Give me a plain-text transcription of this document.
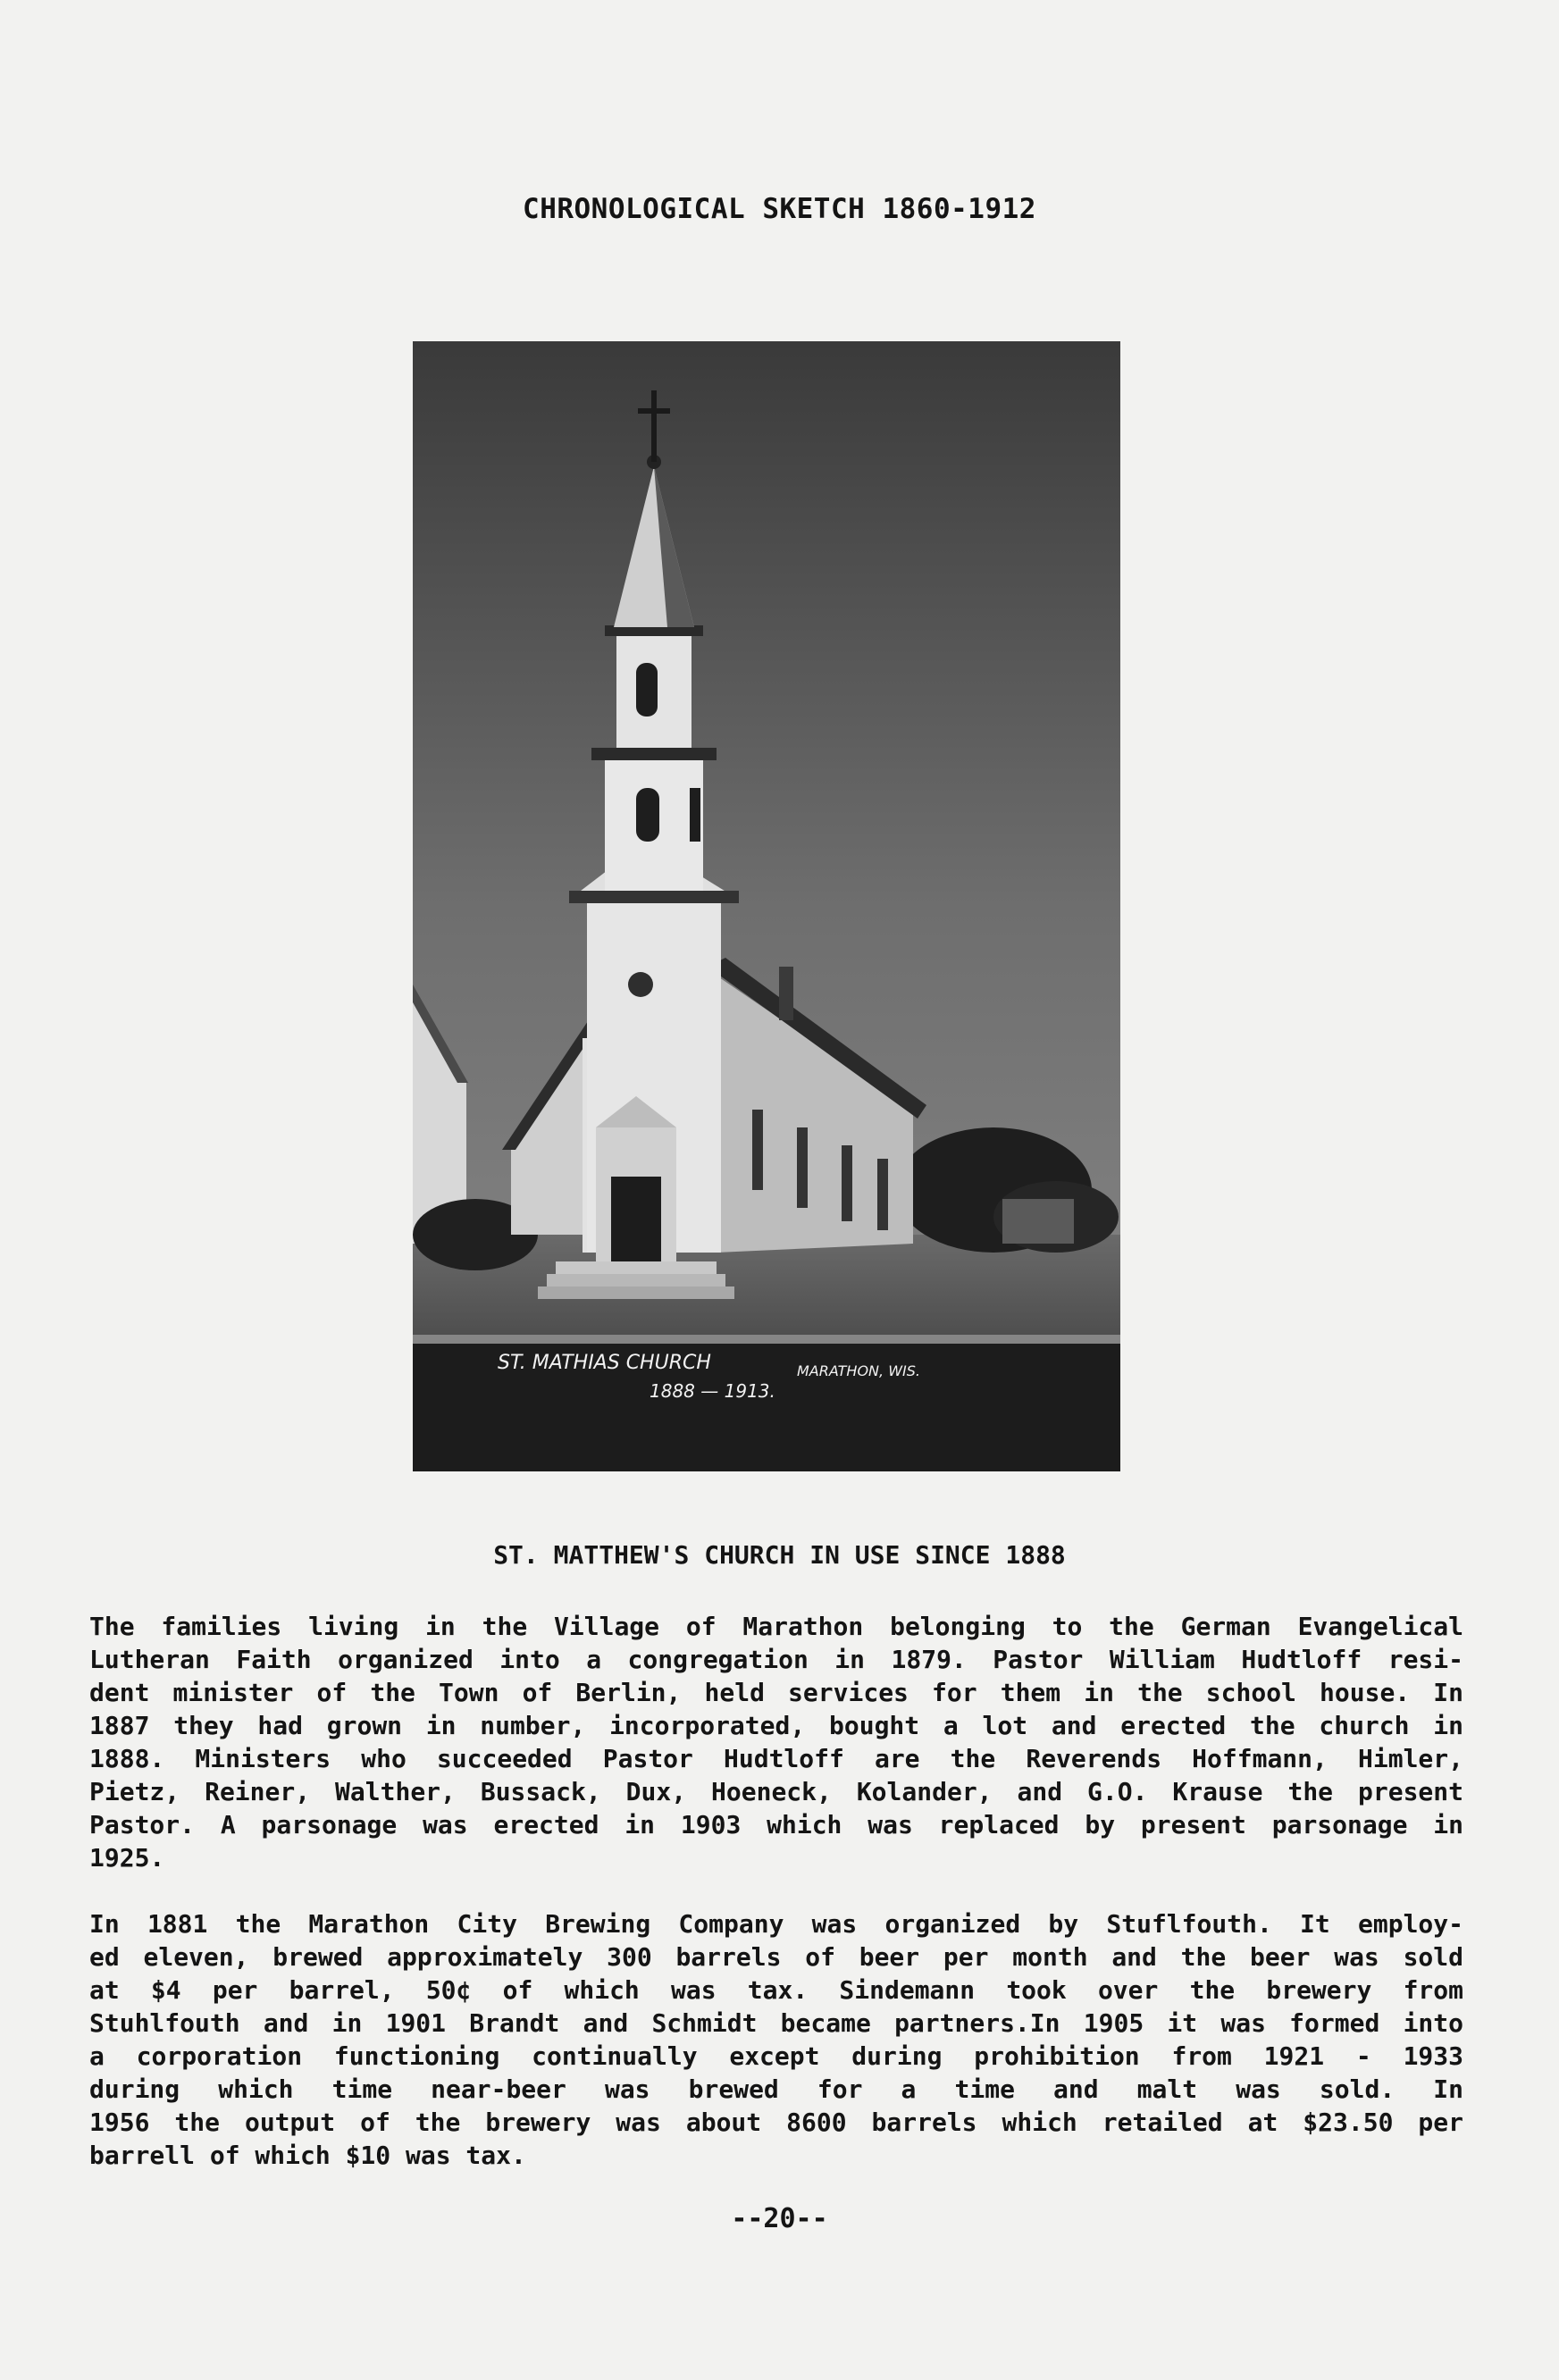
CHRONOLOGICAL SKETCH 1860-1912
ST. MATHIAS CHURCH	MARATHON, WIS.
1888 — 1913.
ST. MATTHEW'S CHURCH IN USE SINCE 1888
The families living in the Village of Marathon belonging to the German Evangelical
Lutheran Faith organized into a congregation in 1879. Pastor William Hudtloff resi-
dent minister of the Town of Berlin, held services for them in the school house. In
1887 they had grown in number, incorporated, bought a lot and erected the church in
1888. Ministers who succeeded Pastor Hudtloff are the Reverends Hoffmann, Himler,
Pietz, Reiner, Walther, Bussack, Dux, Hoeneck, Kolander, and G.O. Krause the present
Pastor. A parsonage was erected in 1903 which was replaced by present parsonage in
1925.
In 1881 the Marathon City Brewing Company was organized by Stuflfouth. It employ-
ed eleven, brewed approximately 300 barrels of beer per month and the beer was sold
at $4 per barrel, 50¢ of which was tax. Sindemann took over the brewery from
Stuhlfouth and in 1901 Brandt and Schmidt became partners.In 1905 it was formed into
a corporation functioning continually except during prohibition from 1921 - 1933
during which time near-beer was brewed for a time and malt was sold. In
1956 the output of the brewery was about 8600 barrels which retailed at $23.50 per
barrell of which $10 was tax.
--20--
